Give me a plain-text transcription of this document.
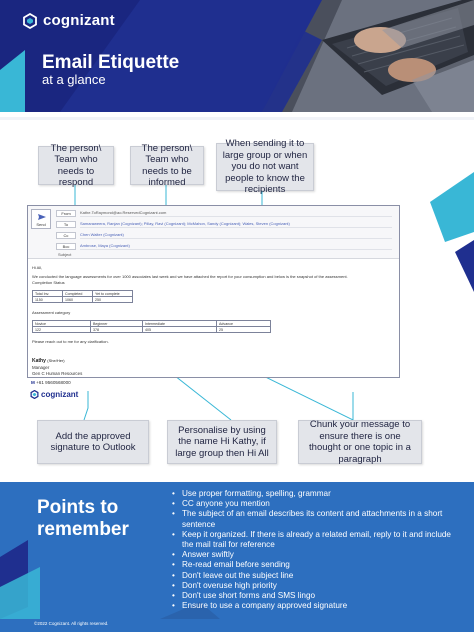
cognizant
Email Etiquette
at a glance
The person\ Team who needs to respond
The person\ Team who needs to be informed
When sending it to large group or when you do not want people to know the recipients
Add the approved signature to Outlook
Personalise by using the name Hi Kathy, if large group then Hi All
Chunk your message to ensure there is one thought or one topic in a paragraph
Send
From	Kathe.ToRaymond@ao.ReservedCognizant.com
To	Samaraweera, Ranjan (Cognizant); Pillay, Ravi (Cognizant); McMahon, Sandy (Cognizant); Wales, Steven (Cognizant)
Cc	Chen Walter (Cognizant)
Bcc	Ambrose, Maya (Cognizant)
Subject
Hi All,
We conducted the language assessments for over 1000 associates last week and we have attached the report for your consumption and below is the snapshot of the assessment.
Completion Status
Total Inv.	Completed	Yet to complete
1150	1060	250
Assessment category
Novice	Beginner	Intermediate	Advance
122	378	405	25
Please reach out to me for any clarification.
Kathy (She/Her)
Manager
Gen C Human Resources
M +61 9560568000
cognizant
Points to remember
• Use proper formatting, spelling, grammar
• CC anyone you mention
• The subject of an email describes its content and attachments in a short sentence
• Keep it organized. If there is already a related email, reply to it and include the mail trail for reference
• Answer swiftly
• Re-read email before sending
• Don't leave out the subject line
• Don't overuse high priority
• Don't use short forms and SMS lingo
• Ensure to use a company approved signature
©2022 Cognizant. All rights reserved.
